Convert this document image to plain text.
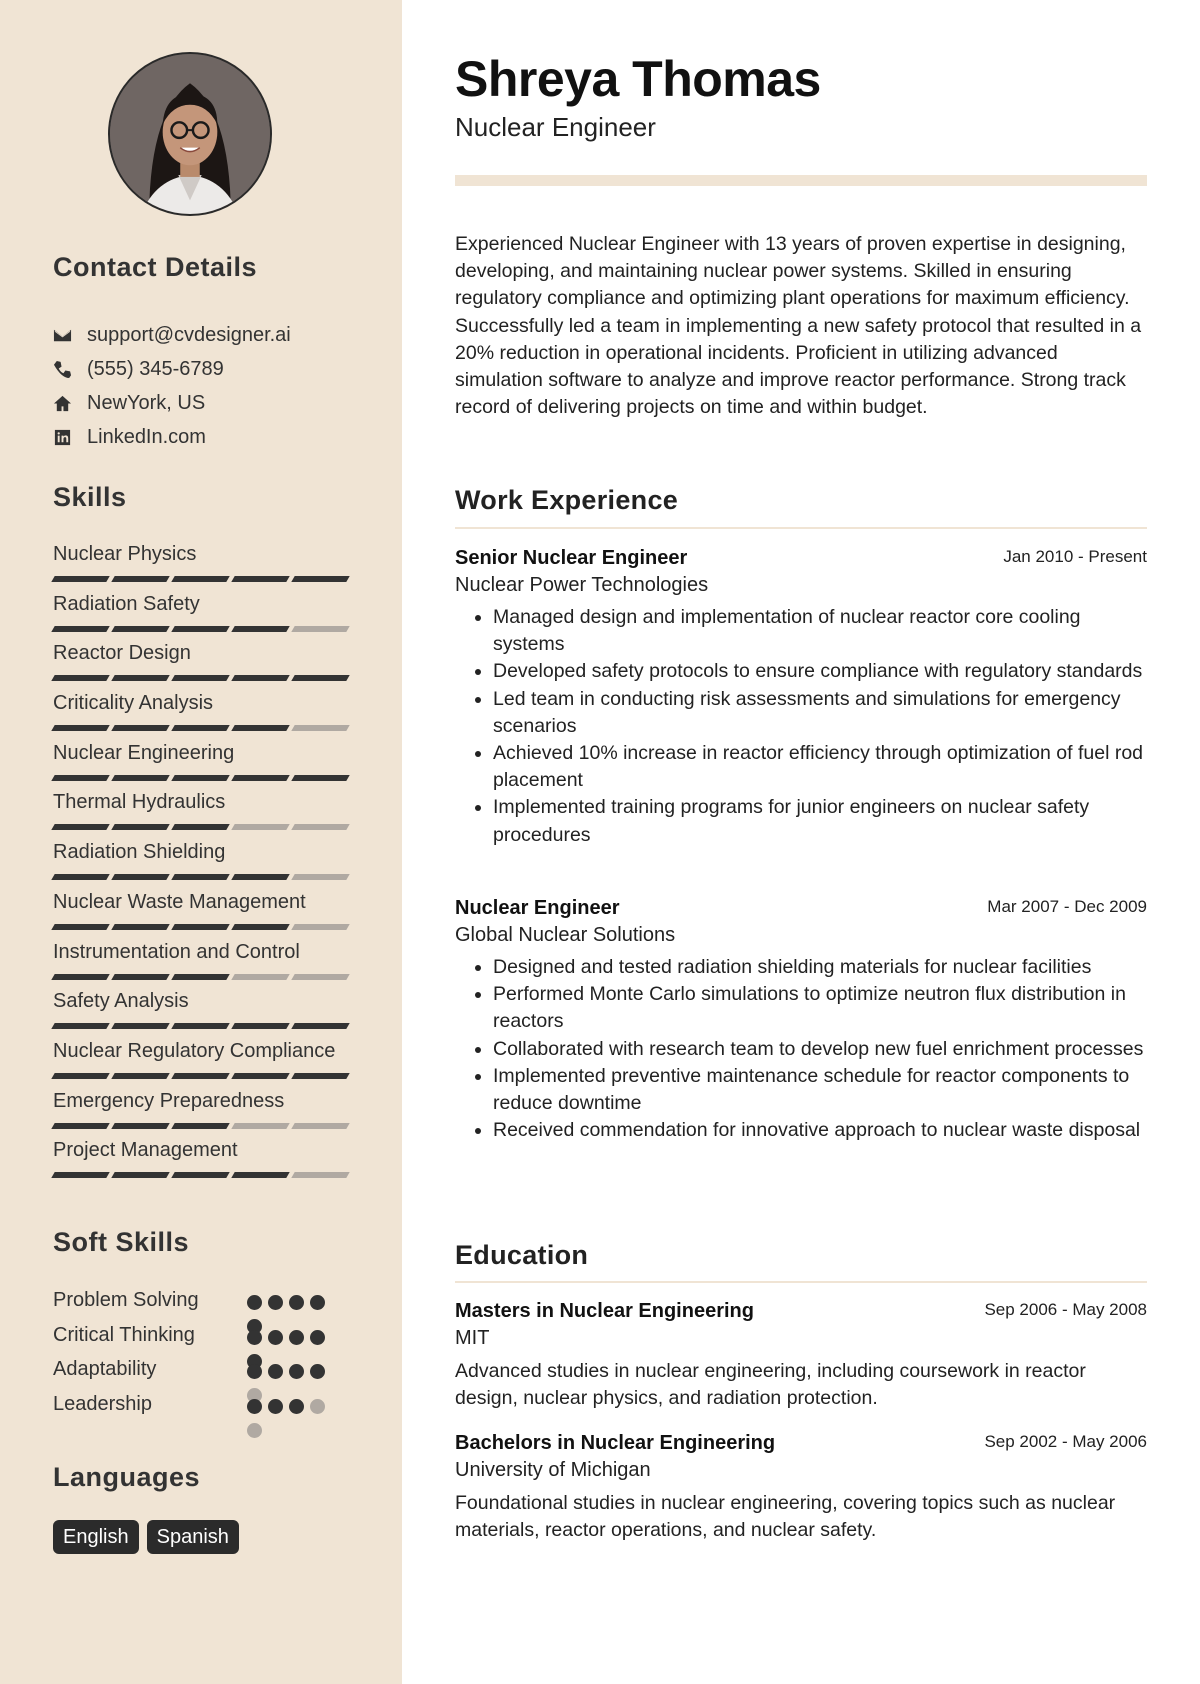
Contact Details
support@cvdesigner.ai
(555) 345-6789
NewYork, US
LinkedIn.com
Skills
Nuclear Physics
Radiation Safety
Reactor Design
Criticality Analysis
Nuclear Engineering
Thermal Hydraulics
Radiation Shielding
Nuclear Waste Management
Instrumentation and Control
Safety Analysis
Nuclear Regulatory Compliance
Emergency Preparedness
Project Management
Soft Skills
Problem Solving
Critical Thinking
Adaptability
Leadership
Languages
English	Spanish
Shreya Thomas
Nuclear Engineer

Experienced Nuclear Engineer with 13 years of proven expertise in designing, developing, and maintaining nuclear power systems. Skilled in ensuring regulatory compliance and optimizing plant operations for maximum efficiency. Successfully led a team in implementing a new safety protocol that resulted in a 20% reduction in operational incidents. Proficient in utilizing advanced simulation software to analyze and improve reactor performance. Strong track record of delivering projects on time and within budget.

Work Experience
Senior Nuclear Engineer	Jan 2010 - Present
Nuclear Power Technologies
• Managed design and implementation of nuclear reactor core cooling systems
• Developed safety protocols to ensure compliance with regulatory standards
• Led team in conducting risk assessments and simulations for emergency scenarios
• Achieved 10% increase in reactor efficiency through optimization of fuel rod placement
• Implemented training programs for junior engineers on nuclear safety procedures
Nuclear Engineer	Mar 2007 - Dec 2009
Global Nuclear Solutions
• Designed and tested radiation shielding materials for nuclear facilities
• Performed Monte Carlo simulations to optimize neutron flux distribution in reactors
• Collaborated with research team to develop new fuel enrichment processes
• Implemented preventive maintenance schedule for reactor components to reduce downtime
• Received commendation for innovative approach to nuclear waste disposal
Education
Masters in Nuclear Engineering	Sep 2006 - May 2008
MIT

Advanced studies in nuclear engineering, including coursework in reactor design, nuclear physics, and radiation protection.

Bachelors in Nuclear Engineering	Sep 2002 - May 2006
University of Michigan

Foundational studies in nuclear engineering, covering topics such as nuclear materials, reactor operations, and nuclear safety.
